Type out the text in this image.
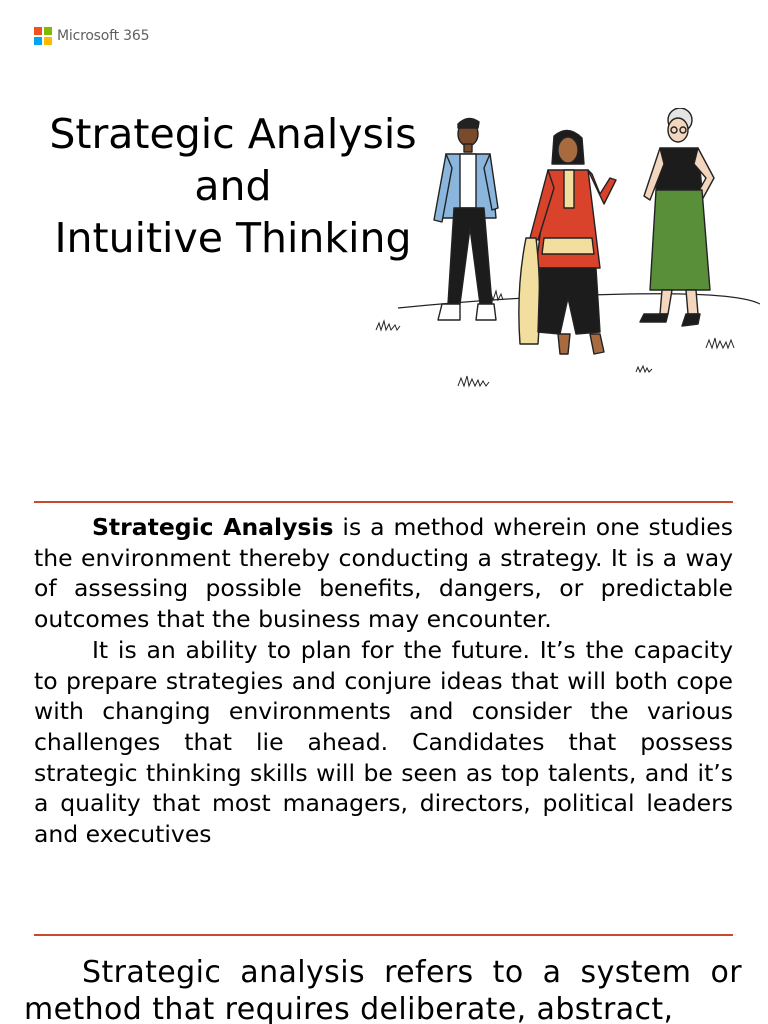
Microsoft 365
Strategic Analysis
and
Intuitive Thinking

Strategic Analysis is a method wherein one studies the environment thereby conducting a strategy. It is a way of assessing possible benefits, dangers, or predictable outcomes that the business may encounter.

It is an ability to plan for the future. It’s the capacity to prepare strategies and conjure ideas that will both cope with changing environments and consider the various challenges that lie ahead. Candidates that possess strategic thinking skills will be seen as top talents, and it’s a quality that most managers, directors, political leaders and executives

Strategic analysis refers to a system or method that requires deliberate, abstract,
